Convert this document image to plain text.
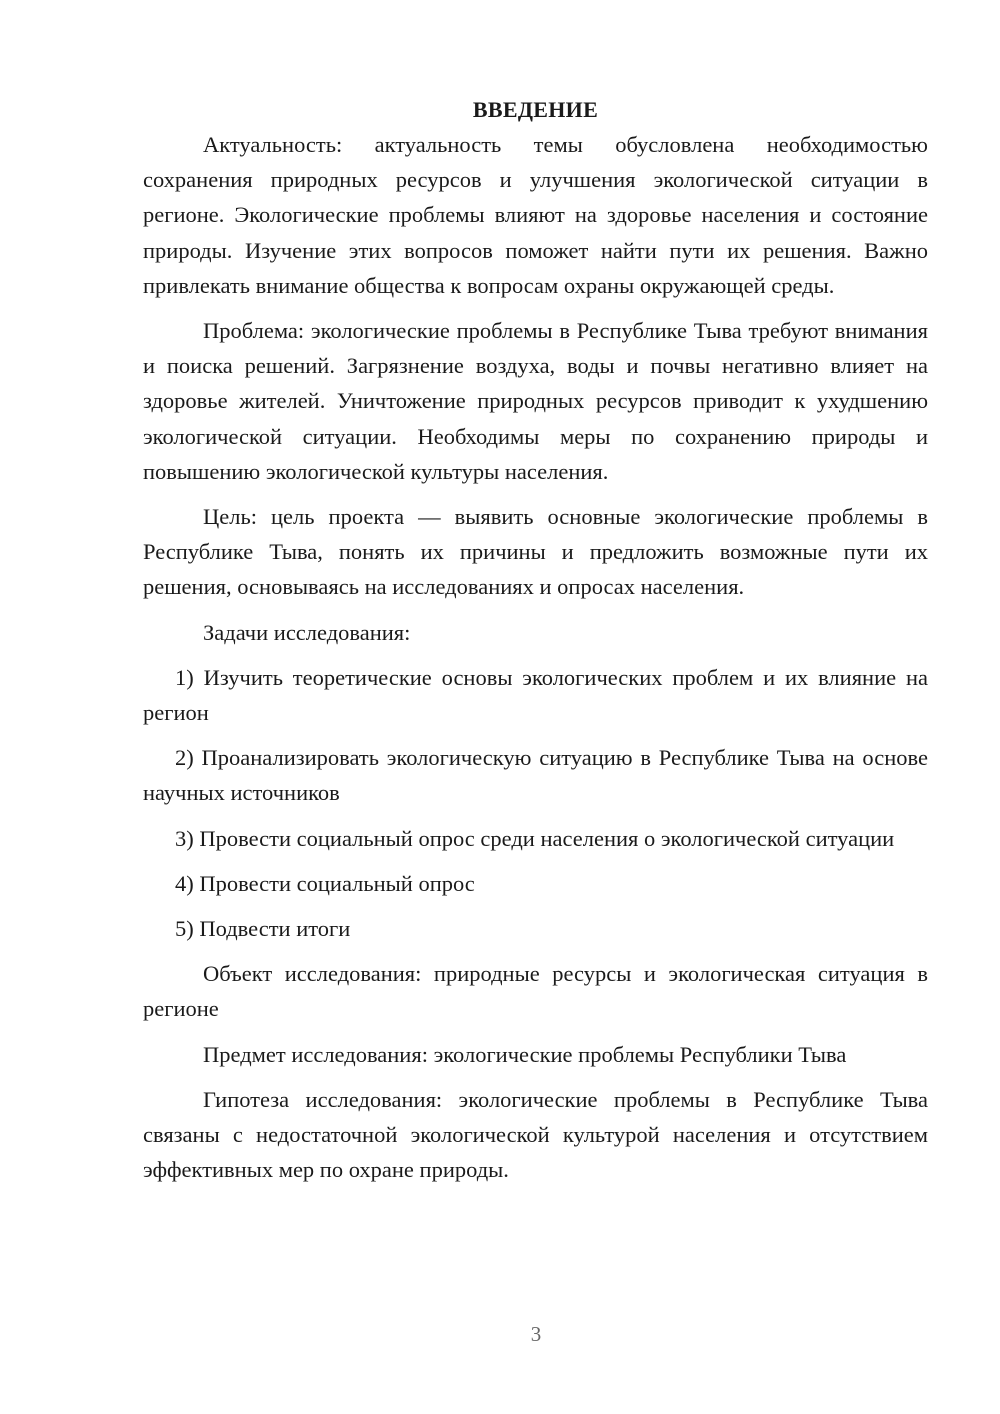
ВВЕДЕНИЕ

Актуальность: актуальность темы обусловлена необходимостью сохранения природных ресурсов и улучшения экологической ситуации в регионе. Экологические проблемы влияют на здоровье населения и состояние природы. Изучение этих вопросов поможет найти пути их решения. Важно привлекать внимание общества к вопросам охраны окружающей среды.

Проблема: экологические проблемы в Республике Тыва требуют внимания и поиска решений. Загрязнение воздуха, воды и почвы негативно влияет на здоровье жителей. Уничтожение природных ресурсов приводит к ухудшению экологической ситуации. Необходимы меры по сохранению природы и повышению экологической культуры населения.

Цель: цель проекта — выявить основные экологические проблемы в Республике Тыва, понять их причины и предложить возможные пути их решения, основываясь на исследованиях и опросах населения.

Задачи исследования:

1) Изучить теоретические основы экологических проблем и их влияние на регион

2) Проанализировать экологическую ситуацию в Республике Тыва на основе научных источников

3) Провести социальный опрос среди населения о экологической ситуации

4) Провести социальный опрос

5) Подвести итоги

Объект исследования: природные ресурсы и экологическая ситуация в регионе

Предмет исследования: экологические проблемы Республики Тыва

Гипотеза исследования: экологические проблемы в Республике Тыва связаны с недостаточной экологической культурой населения и отсутствием эффективных мер по охране природы.

3
